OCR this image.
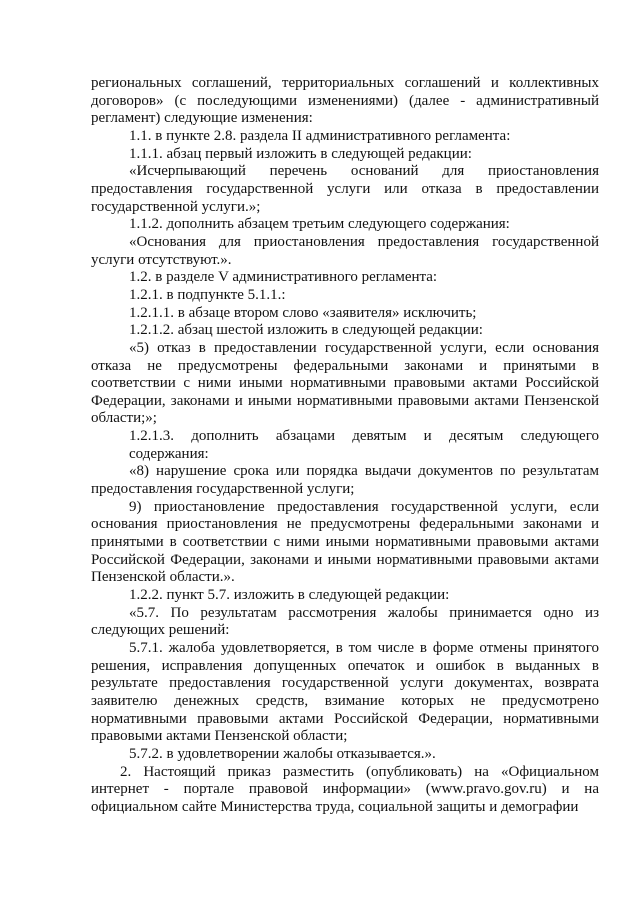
региональных соглашений, территориальных соглашений и коллективных договоров» (с последующими изменениями) (далее - административный регламент) следующие изменения:

1.1. в пункте 2.8. раздела II административного регламента:

1.1.1. абзац первый изложить в следующей редакции:

«Исчерпывающий перечень оснований для приостановления предоставления государственной услуги или отказа в предоставлении государственной услуги.»;

1.1.2. дополнить абзацем третьим следующего содержания:

«Основания для приостановления предоставления государственной услуги отсутствуют.».

1.2. в разделе V административного регламента:

1.2.1. в подпункте 5.1.1.:

1.2.1.1. в абзаце втором слово «заявителя» исключить;

1.2.1.2. абзац шестой изложить в следующей редакции:

«5) отказ в предоставлении государственной услуги, если основания отказа не предусмотрены федеральными законами и принятыми в соответствии с ними иными нормативными правовыми актами Российской Федерации, законами и иными нормативными правовыми актами Пензенской области;»;

1.2.1.3. дополнить абзацами девятым и десятым следующего содержания:

«8) нарушение срока или порядка выдачи документов по результатам предоставления государственной услуги;

9) приостановление предоставления государственной услуги, если основания приостановления не предусмотрены федеральными законами и принятыми в соответствии с ними иными нормативными правовыми актами Российской Федерации, законами и иными нормативными правовыми актами Пензенской области.».

1.2.2. пункт 5.7. изложить в следующей редакции:

«5.7. По результатам рассмотрения жалобы принимается одно из следующих решений:

5.7.1. жалоба удовлетворяется, в том числе в форме отмены принятого решения, исправления допущенных опечаток и ошибок в выданных в результате предоставления государственной услуги документах, возврата заявителю денежных средств, взимание которых не предусмотрено нормативными правовыми актами Российской Федерации, нормативными правовыми актами Пензенской области;

5.7.2. в удовлетворении жалобы отказывается.».

2. Настоящий приказ разместить (опубликовать) на «Официальном интернет - портале правовой информации» (www.pravo.gov.ru) и на официальном сайте Министерства труда, социальной защиты и демографии
